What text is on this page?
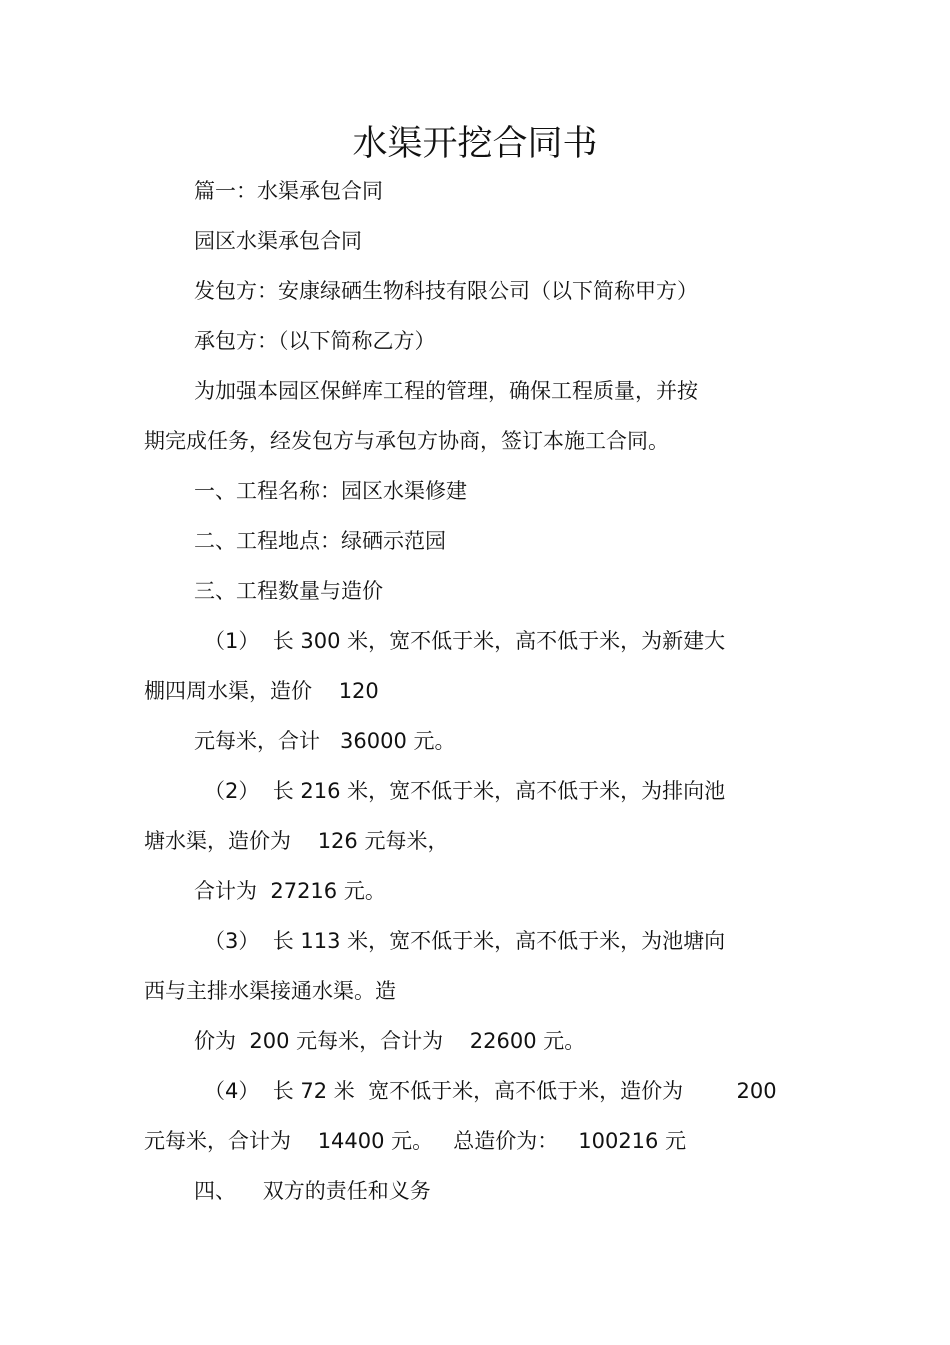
水渠开挖合同书
篇一：水渠承包合同
园区水渠承包合同
发包方：安康绿硒生物科技有限公司（以下简称甲方）
承包方：（以下简称乙方）
为加强本园区保鲜库工程的管理，确保工程质量，并按
期完成任务，经发包方与承包方协商，签订本施工合同。
一、工程名称：园区水渠修建
二、工程地点：绿硒示范园
三、工程数量与造价
（1）  长 300 米，宽不低于米，高不低于米，为新建大
棚四周水渠，造价    120
元每米，合计   36000 元。
（2）  长 216 米，宽不低于米，高不低于米，为排向池
塘水渠，造价为    126 元每米，
合计为  27216 元。
（3）  长 113 米，宽不低于米，高不低于米，为池塘向
西与主排水渠接通水渠。造
价为  200 元每米，合计为    22600 元。
（4）  长 72 米  宽不低于米，高不低于米，造价为        200
元每米，合计为    14400 元。   总造价为：   100216 元
四、    双方的责任和义务
